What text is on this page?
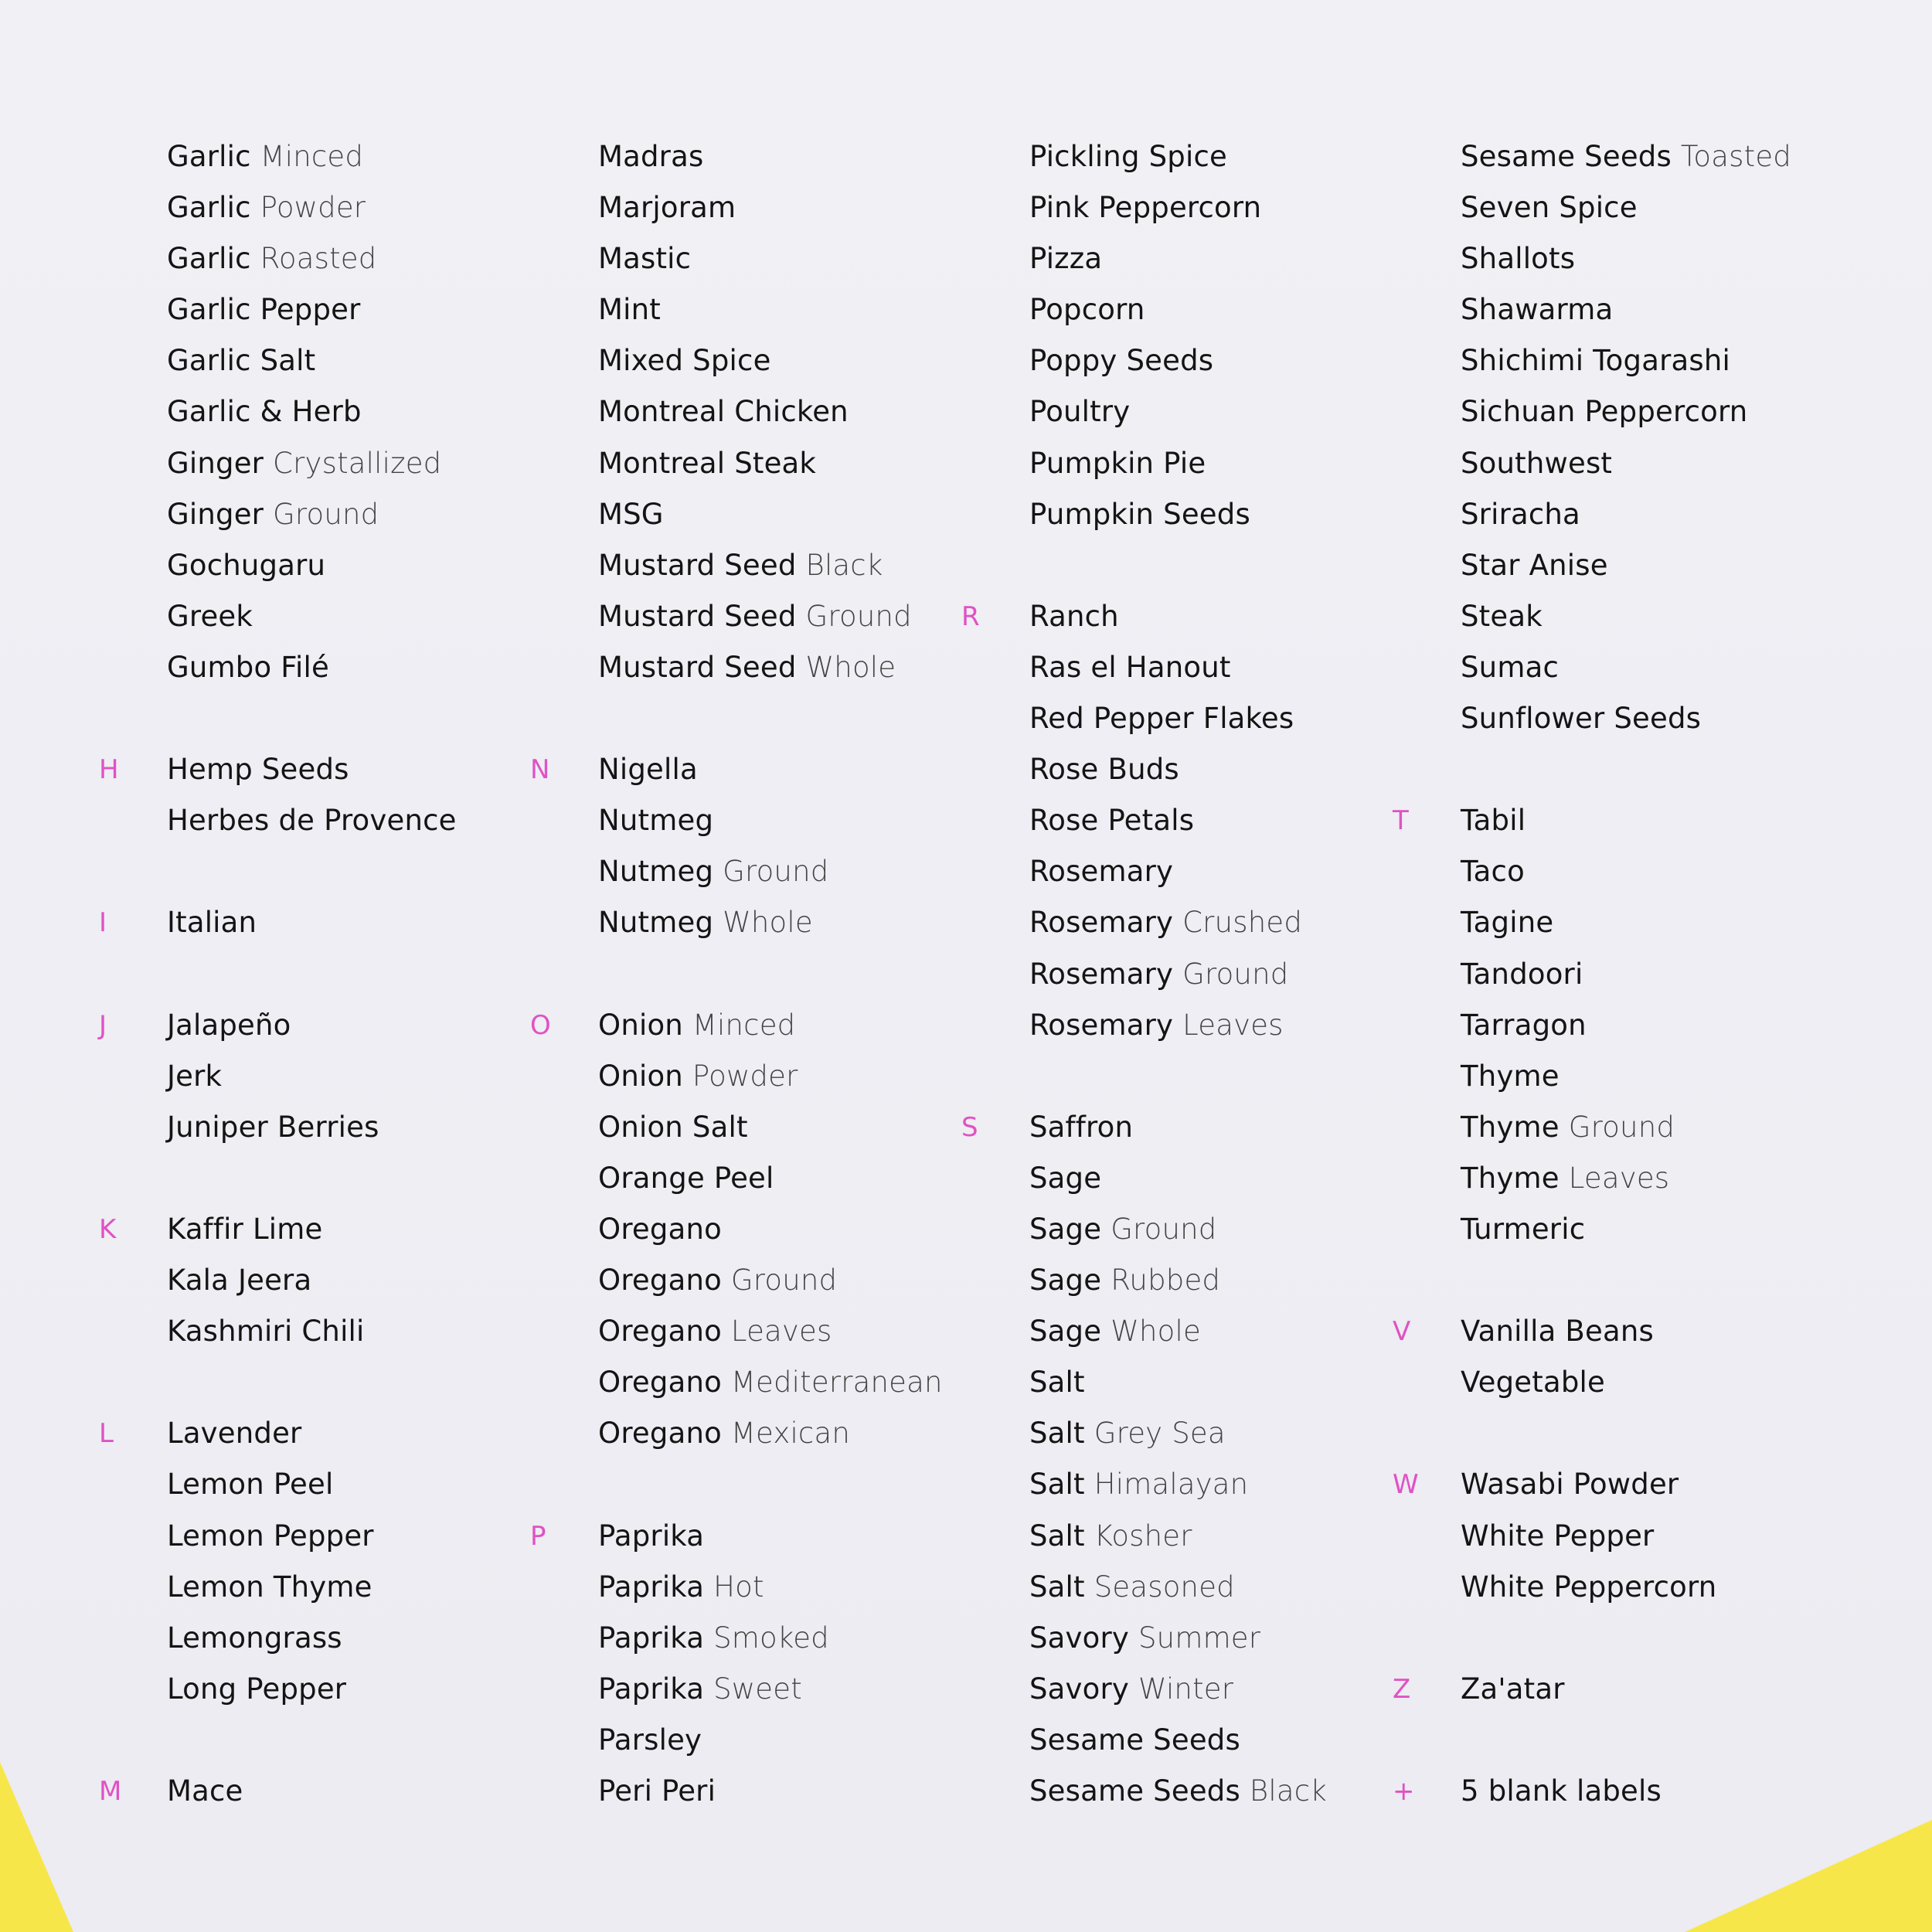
Garlic Minced
Garlic Powder
Garlic Roasted
Garlic Pepper
Garlic Salt
Garlic & Herb
Ginger Crystallized
Ginger Ground
Gochugaru
Greek
Gumbo Filé
H	Hemp Seeds
Herbes de Provence
I	Italian
J	Jalapeño
Jerk
Juniper Berries
K	Kaffir Lime
Kala Jeera
Kashmiri Chili
L	Lavender
Lemon Peel
Lemon Pepper
Lemon Thyme
Lemongrass
Long Pepper
M	Mace
Madras
Marjoram
Mastic
Mint
Mixed Spice
Montreal Chicken
Montreal Steak
MSG
Mustard Seed Black
Mustard Seed Ground
Mustard Seed Whole
N	Nigella
Nutmeg
Nutmeg Ground
Nutmeg Whole
O	Onion Minced
Onion Powder
Onion Salt
Orange Peel
Oregano
Oregano Ground
Oregano Leaves
Oregano Mediterranean
Oregano Mexican
P	Paprika
Paprika Hot
Paprika Smoked
Paprika Sweet
Parsley
Peri Peri
Pickling Spice
Pink Peppercorn
Pizza
Popcorn
Poppy Seeds
Poultry
Pumpkin Pie
Pumpkin Seeds
R	Ranch
Ras el Hanout
Red Pepper Flakes
Rose Buds
Rose Petals
Rosemary
Rosemary Crushed
Rosemary Ground
Rosemary Leaves
S	Saffron
Sage
Sage Ground
Sage Rubbed
Sage Whole
Salt
Salt Grey Sea
Salt Himalayan
Salt Kosher
Salt Seasoned
Savory Summer
Savory Winter
Sesame Seeds
Sesame Seeds Black
Sesame Seeds Toasted
Seven Spice
Shallots
Shawarma
Shichimi Togarashi
Sichuan Peppercorn
Southwest
Sriracha
Star Anise
Steak
Sumac
Sunflower Seeds
T	Tabil
Taco
Tagine
Tandoori
Tarragon
Thyme
Thyme Ground
Thyme Leaves
Turmeric
V	Vanilla Beans
Vegetable
W	Wasabi Powder
White Pepper
White Peppercorn
Z	Za'atar
+	5 blank labels
